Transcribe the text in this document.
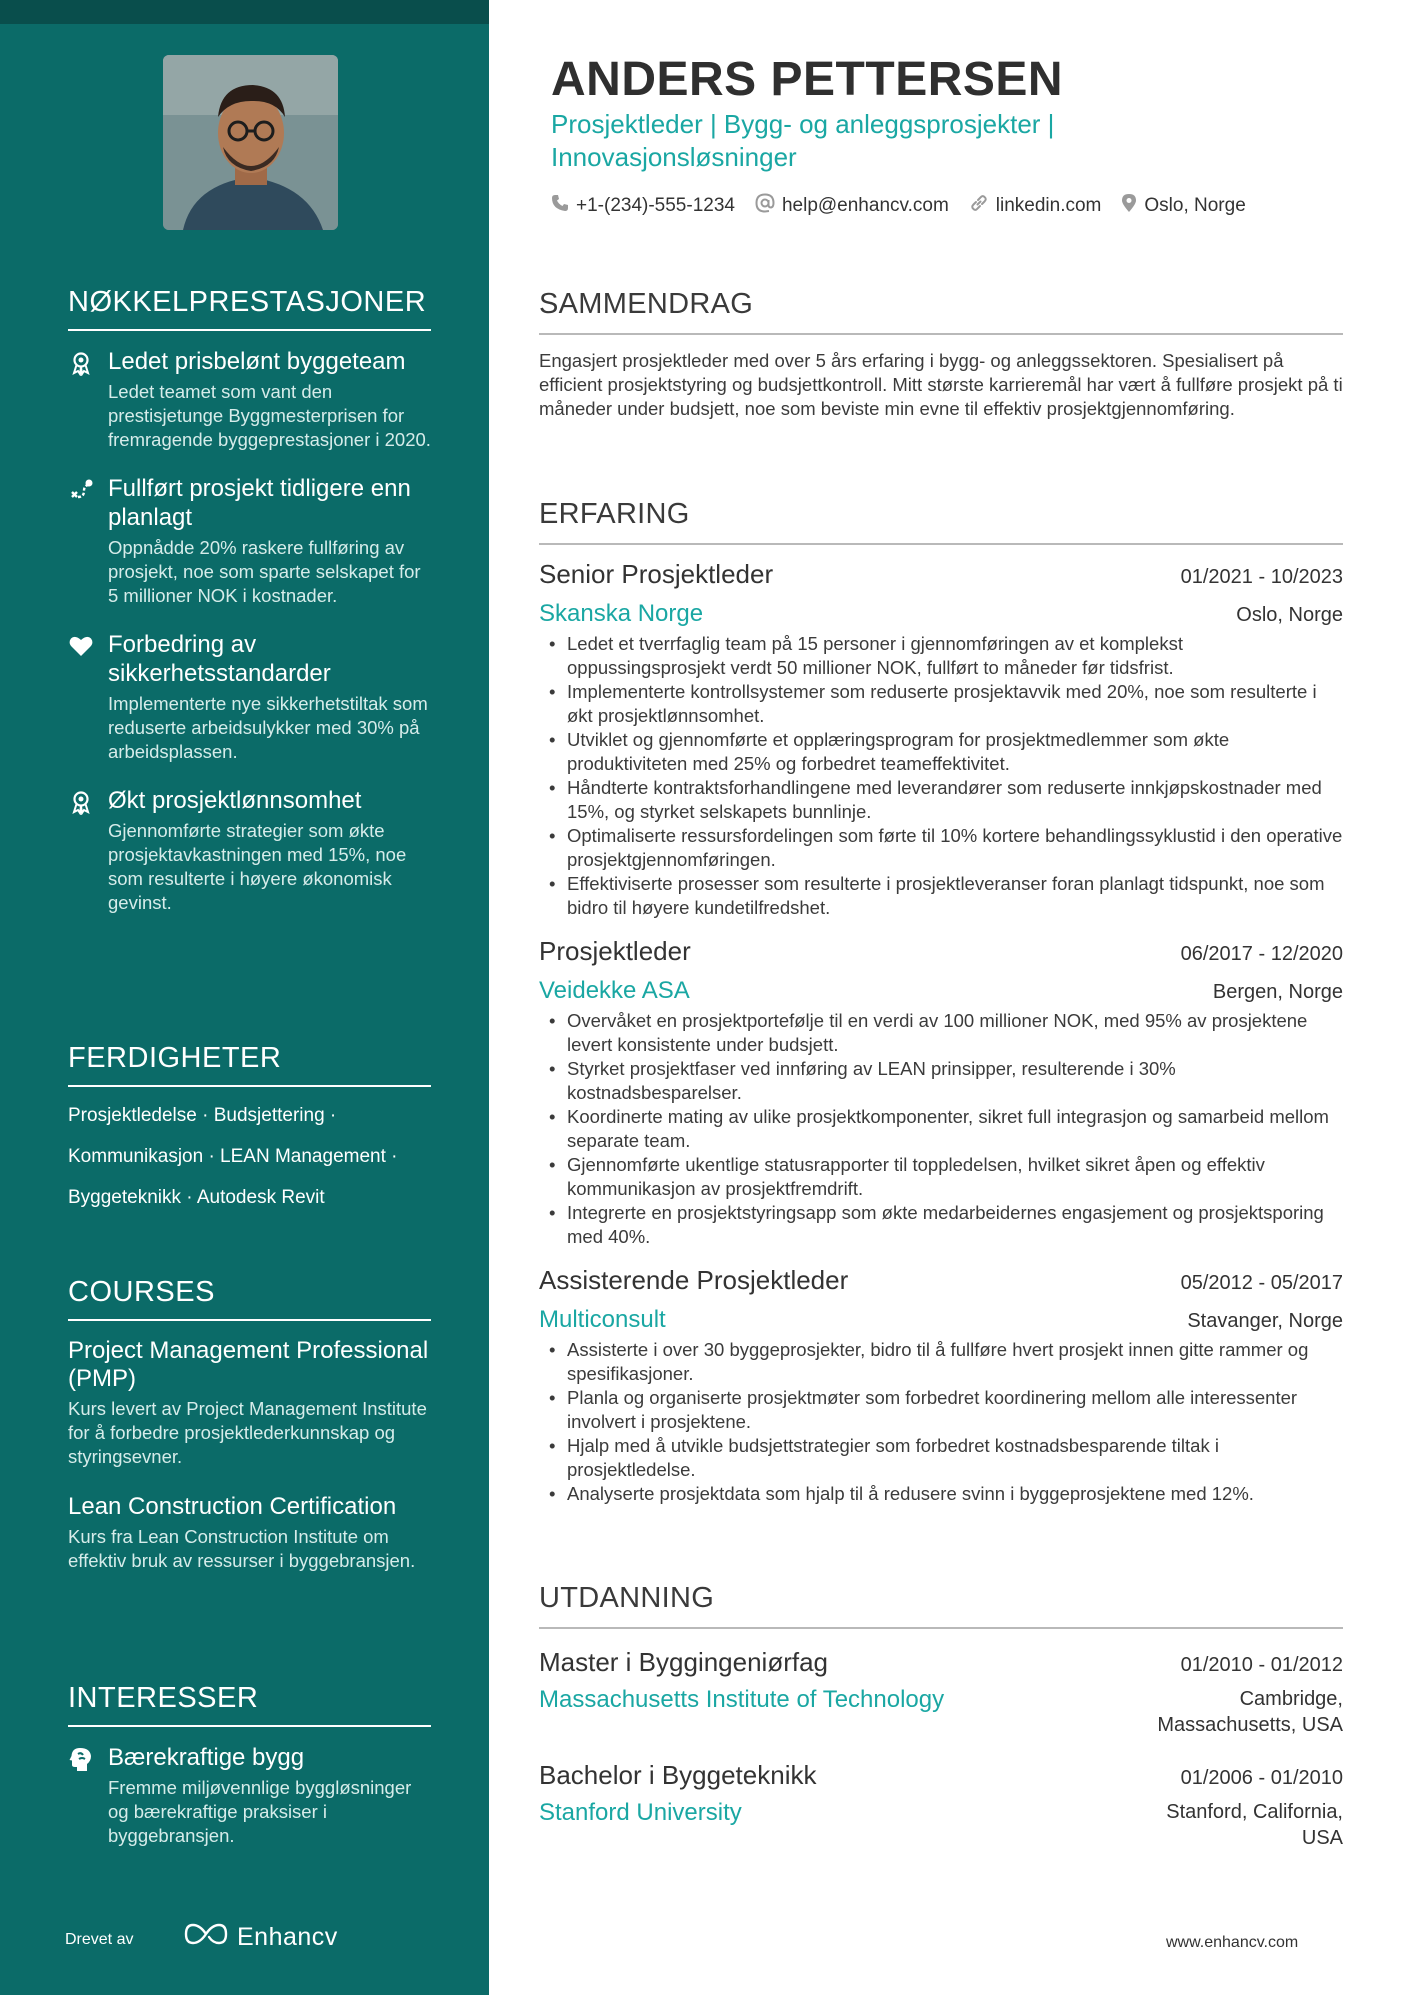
NØKKELPRESTASJONER
Ledet prisbelønt byggeteam
Ledet teamet som vant den prestisjetunge Byggmesterprisen for fremragende byggeprestasjoner i 2020.
Fullført prosjekt tidligere enn planlagt
Oppnådde 20% raskere fullføring av prosjekt, noe som sparte selskapet for 5 millioner NOK i kostnader.
Forbedring av sikkerhetsstandarder
Implementerte nye sikkerhetstiltak som reduserte arbeidsulykker med 30% på arbeidsplassen.
Økt prosjektlønnsomhet
Gjennomførte strategier som økte prosjektavkastningen med 15%, noe som resulterte i høyere økonomisk gevinst.
FERDIGHETER
Prosjektledelse · Budsjettering ·
Kommunikasjon · LEAN Management ·
Byggeteknikk · Autodesk Revit
COURSES
Project Management Professional (PMP)
Kurs levert av Project Management Institute for å forbedre prosjektlederkunnskap og styringsevner.
Lean Construction Certification
Kurs fra Lean Construction Institute om effektiv bruk av ressurser i byggebransjen.
INTERESSER
Bærekraftige bygg
Fremme miljøvennlige byggløsninger og bærekraftige praksiser i byggebransjen.
Drevet av	Enhancv
ANDERS PETTERSEN
Prosjektleder | Bygg- og anleggsprosjekter | Innovasjonsløsninger
+1-(234)-555-1234 help@enhancv.com linkedin.com Oslo, Norge
SAMMENDRAG
Engasjert prosjektleder med over 5 års erfaring i bygg- og anleggssektoren. Spesialisert på efficient prosjektstyring og budsjettkontroll. Mitt største karrieremål har vært å fullføre prosjekt på ti måneder under budsjett, noe som beviste min evne til effektiv prosjektgjennomføring.
ERFARING
Senior Prosjektleder	01/2021 - 10/2023
Skanska Norge	Oslo, Norge
• Ledet et tverrfaglig team på 15 personer i gjennomføringen av et komplekst oppussingsprosjekt verdt 50 millioner NOK, fullført to måneder før tidsfrist.
• Implementerte kontrollsystemer som reduserte prosjektavvik med 20%, noe som resulterte i økt prosjektlønnsomhet.
• Utviklet og gjennomførte et opplæringsprogram for prosjektmedlemmer som økte produktiviteten med 25% og forbedret teameffektivitet.
• Håndterte kontraktsforhandlingene med leverandører som reduserte innkjøpskostnader med 15%, og styrket selskapets bunnlinje.
• Optimaliserte ressursfordelingen som førte til 10% kortere behandlingssyklustid i den operative prosjektgjennomføringen.
• Effektiviserte prosesser som resulterte i prosjektleveranser foran planlagt tidspunkt, noe som bidro til høyere kundetilfredshet.
Prosjektleder	06/2017 - 12/2020
Veidekke ASA	Bergen, Norge
• Overvåket en prosjektportefølje til en verdi av 100 millioner NOK, med 95% av prosjektene levert konsistente under budsjett.
• Styrket prosjektfaser ved innføring av LEAN prinsipper, resulterende i 30% kostnadsbesparelser.
• Koordinerte mating av ulike prosjektkomponenter, sikret full integrasjon og samarbeid mellom separate team.
• Gjennomførte ukentlige statusrapporter til toppledelsen, hvilket sikret åpen og effektiv kommunikasjon av prosjektfremdrift.
• Integrerte en prosjektstyringsapp som økte medarbeidernes engasjement og prosjektsporing med 40%.
Assisterende Prosjektleder	05/2012 - 05/2017
Multiconsult	Stavanger, Norge
• Assisterte i over 30 byggeprosjekter, bidro til å fullføre hvert prosjekt innen gitte rammer og spesifikasjoner.
• Planla og organiserte prosjektmøter som forbedret koordinering mellom alle interessenter involvert i prosjektene.
• Hjalp med å utvikle budsjettstrategier som forbedret kostnadsbesparende tiltak i prosjektledelse.
• Analyserte prosjektdata som hjalp til å redusere svinn i byggeprosjektene med 12%.
UTDANNING
Master i Byggingeniørfag	01/2010 - 01/2012
Massachusetts Institute of Technology	Cambridge,
Massachusetts, USA
Bachelor i Byggeteknikk	01/2006 - 01/2010
Stanford University	Stanford, California,
USA
www.enhancv.com
